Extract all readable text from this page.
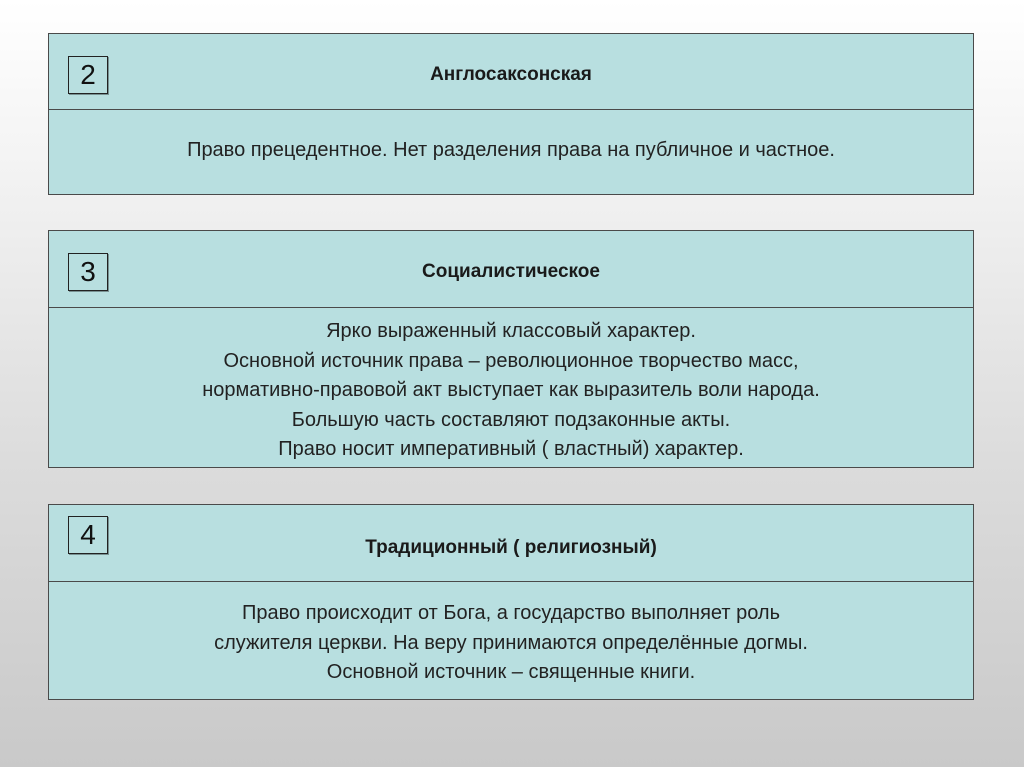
2	Англосаксонская
Право прецедентное. Нет разделения права на публичное и частное.
3	Социалистическое
Ярко выраженный классовый характер.
Основной источник права – революционное творчество масс,
нормативно-правовой акт выступает как выразитель воли народа.
Большую часть составляют подзаконные акты.
Право носит императивный ( властный) характер.
4	Традиционный ( религиозный)
Право происходит от Бога, а государство выполняет роль
служителя церкви. На веру принимаются определённые догмы.
Основной источник – священные книги.
